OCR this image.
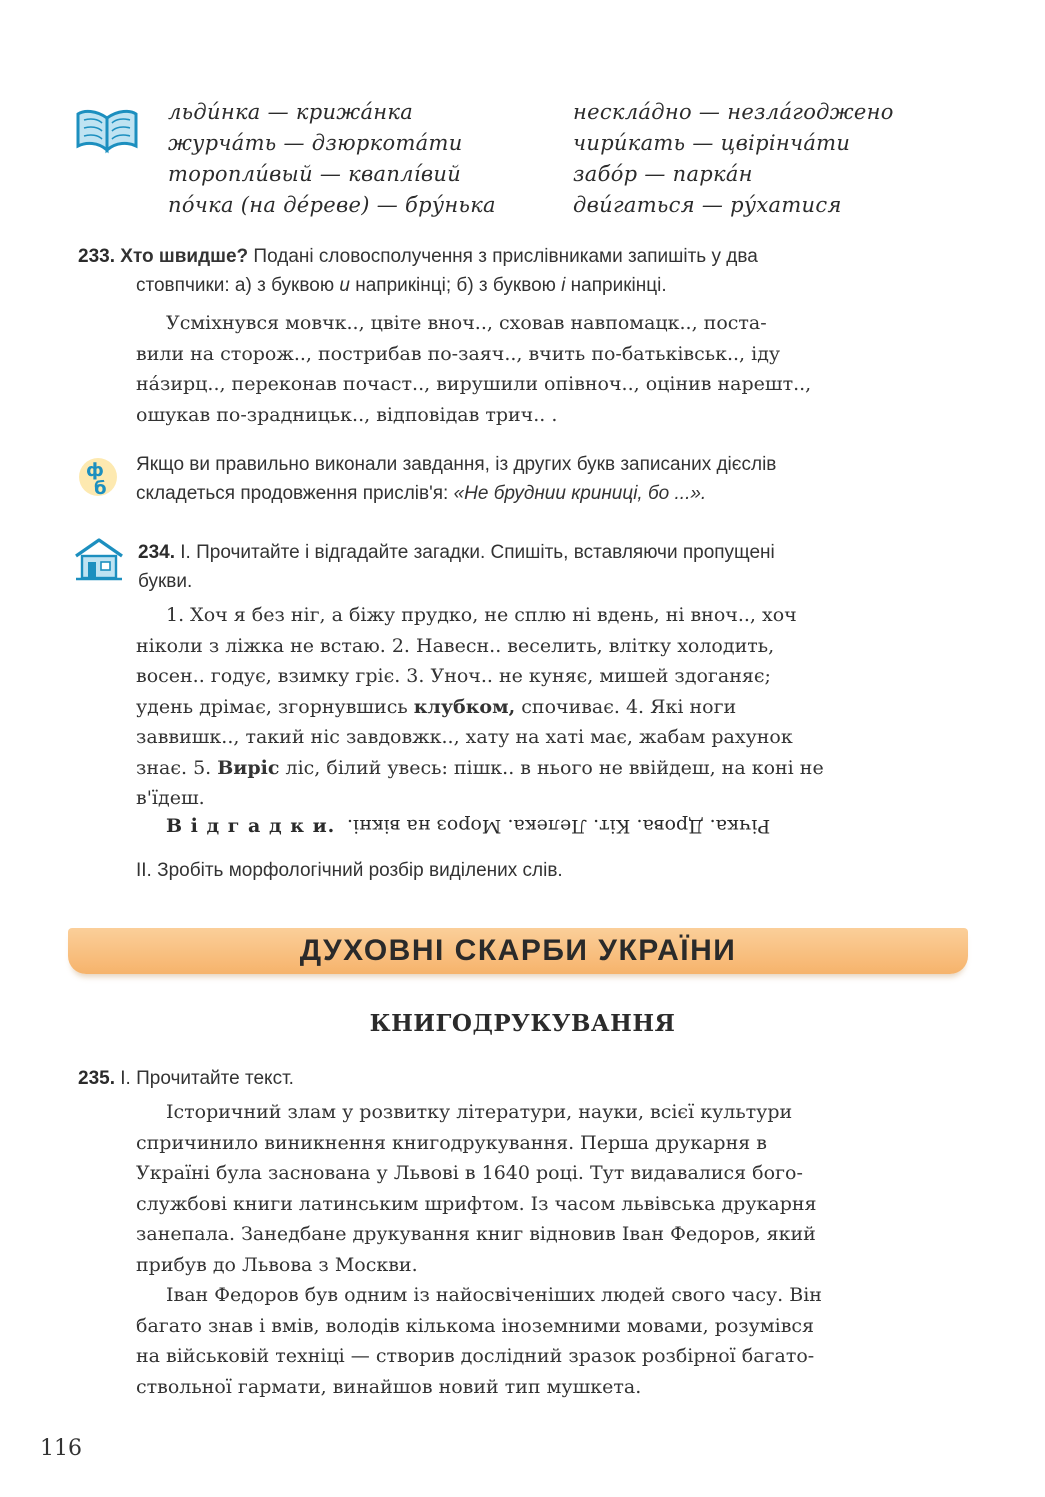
льди́нка — крижа́нка	нескла́дно — незла́годжено
журча́ть — дзюркота́ти	чири́кать — цвірінча́ти
торопли́вый — кваплі́вий	забо́р — парка́н
по́чка (на де́реве) — бру́нька	дви́гаться — ру́хатися
233. Хто швидше? Подані словосполучення з прислівниками запишіть у два
стовпчики: а) з буквою и наприкінці; б) з буквою і наприкінці.
Усміхнувся мовчк.., цвіте вноч.., сховав навпомацк.., поста-
вили на сторож.., пострибав по-заяч.., вчить по-батьківськ.., іду
на́зирц.., переконав почаст.., вирушили опівноч.., оцінив нарешт..,
ошукав по-зрадницьк.., відповідав трич.. .
ф
б
Якщо ви правильно виконали завдання, із других букв записаних дієслів
складеться продовження прислів'я: «Не бруднии криниці, бо ...».
234. І. Прочитайте і відгадайте загадки. Спишіть, вставляючи пропущені
букви.
1. Хоч я без ніг, а біжу прудко, не сплю ні вдень, ні вноч.., хоч
ніколи з ліжка не встаю. 2. Навесн.. веселить, влітку холодить,
восен.. годує, взимку гріє. 3. Уноч.. не куняє, мишей здоганяє;
удень дрімає, згорнувшись клубком, спочиває. 4. Які ноги
заввишк.., такий ніс завдовжк.., хату на хаті має, жабам рахунок
знає. 5. Виріс ліс, білий увесь: пішк.. в нього не ввійдеш, на коні не
в'їдеш.
В і д г а д к и. Річка. Дрова. Кіт. Лелека. Мороз на вікні.
ІІ. Зробіть морфологічний розбір виділених слів.
ДУХОВНІ СКАРБИ УКРАЇНИ
КНИГОДРУКУВАННЯ
235. І. Прочитайте текст.
Історичний злам у розвитку літератури, науки, всієї культури
спричинило виникнення книгодрукування. Перша друкарня в
Україні була заснована у Львові в 1640 році. Тут видавалися бого-
службові книги латинським шрифтом. Із часом львівська друкарня
занепала. Занедбане друкування книг відновив Іван Федоров, який
прибув до Львова з Москви.
Іван Федоров був одним із найосвіченіших людей свого часу. Він
багато знав і вмів, володів кількома іноземними мовами, розумівся
на військовій техніці — створив дослідний зразок розбірної багато-
ствольної гармати, винайшов новий тип мушкета.
116
